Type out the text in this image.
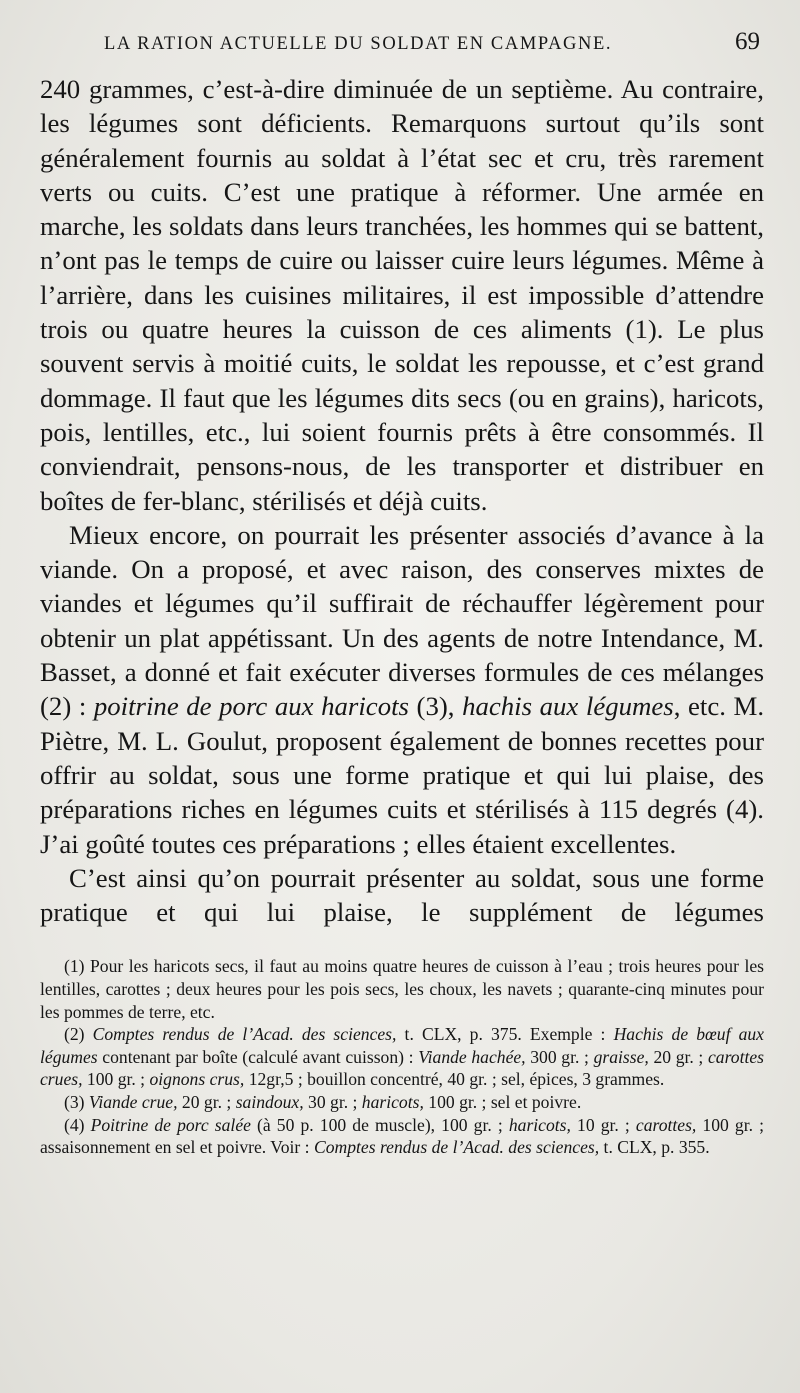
LA RATION ACTUELLE DU SOLDAT EN CAMPAGNE.	69

240 grammes, c’est-à-dire diminuée de un septième. Au contraire, les légumes sont déficients. Remarquons surtout qu’ils sont généralement fournis au soldat à l’état sec et cru, très rarement verts ou cuits. C’est une pratique à réformer. Une armée en marche, les soldats dans leurs tranchées, les hommes qui se battent, n’ont pas le temps de cuire ou laisser cuire leurs légumes. Même à l’arrière, dans les cuisines militaires, il est impossible d’attendre trois ou quatre heures la cuisson de ces aliments (1). Le plus souvent servis à moitié cuits, le soldat les repousse, et c’est grand dommage. Il faut que les légumes dits secs (ou en grains), haricots, pois, lentilles, etc., lui soient fournis prêts à être consommés. Il conviendrait, pensons-nous, de les transporter et distribuer en boîtes de fer-blanc, stérilisés et déjà cuits.

Mieux encore, on pourrait les présenter associés d’avance à la viande. On a proposé, et avec raison, des conserves mixtes de viandes et légumes qu’il suffirait de réchauffer légèrement pour obtenir un plat appétissant. Un des agents de notre Intendance, M. Basset, a donné et fait exécuter diverses formules de ces mélanges (2) : poitrine de porc aux haricots (3), hachis aux légumes, etc. M. Piètre, M. L. Goulut, proposent également de bonnes recettes pour offrir au soldat, sous une forme pratique et qui lui plaise, des préparations riches en légumes cuits et stérilisés à 115 degrés (4). J’ai goûté toutes ces préparations ; elles étaient excellentes.

C’est ainsi qu’on pourrait présenter au soldat, sous une forme pratique et qui lui plaise, le supplément de légumes

(1) Pour les haricots secs, il faut au moins quatre heures de cuisson à l’eau ; trois heures pour les lentilles, carottes ; deux heures pour les pois secs, les choux, les navets ; quarante-cinq minutes pour les pommes de terre, etc.

(2) Comptes rendus de l’Acad. des sciences, t. CLX, p. 375. Exemple : Hachis de bœuf aux légumes contenant par boîte (calculé avant cuisson) : Viande hachée, 300 gr. ; graisse, 20 gr. ; carottes crues, 100 gr. ; oignons crus, 12gr,5 ; bouillon concentré, 40 gr. ; sel, épices, 3 grammes.

(3) Viande crue, 20 gr. ; saindoux, 30 gr. ; haricots, 100 gr. ; sel et poivre.

(4) Poitrine de porc salée (à 50 p. 100 de muscle), 100 gr. ; haricots, 10 gr. ; carottes, 100 gr. ; assaisonnement en sel et poivre. Voir : Comptes rendus de l’Acad. des sciences, t. CLX, p. 355.
